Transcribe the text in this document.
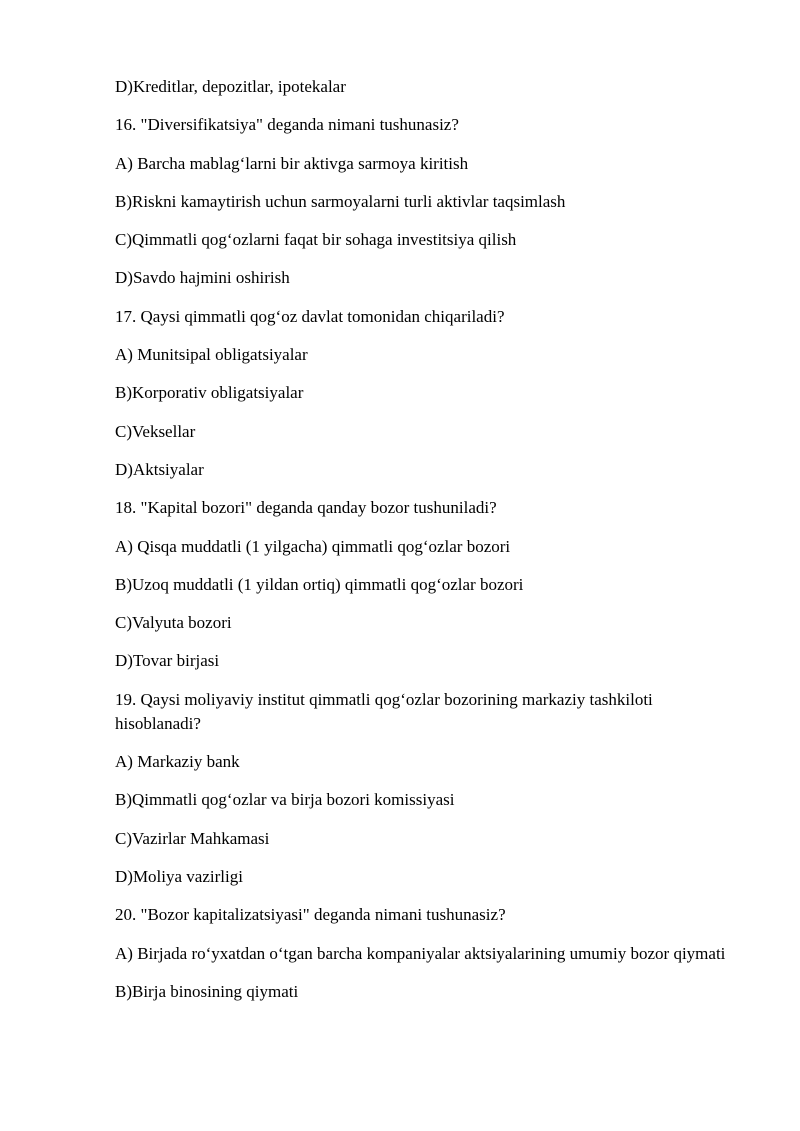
D)Kreditlar, depozitlar, ipotekalar

16. "Diversifikatsiya" deganda nimani tushunasiz?

A) Barcha mablag‘larni bir aktivga sarmoya kiritish

B)Riskni kamaytirish uchun sarmoyalarni turli aktivlar taqsimlash

C)Qimmatli qog‘ozlarni faqat bir sohaga investitsiya qilish

D)Savdo hajmini oshirish

17. Qaysi qimmatli qog‘oz davlat tomonidan chiqariladi?

A) Munitsipal obligatsiyalar

B)Korporativ obligatsiyalar

C)Veksellar

D)Aktsiyalar

18. "Kapital bozori" deganda qanday bozor tushuniladi?

A) Qisqa muddatli (1 yilgacha) qimmatli qog‘ozlar bozori

B)Uzoq muddatli (1 yildan ortiq) qimmatli qog‘ozlar bozori

C)Valyuta bozori

D)Tovar birjasi

19. Qaysi moliyaviy institut qimmatli qog‘ozlar bozorining markaziy tashkiloti hisoblanadi?

A) Markaziy bank

B)Qimmatli qog‘ozlar va birja bozori komissiyasi

C)Vazirlar Mahkamasi

D)Moliya vazirligi

20. "Bozor kapitalizatsiyasi" deganda nimani tushunasiz?

A) Birjada ro‘yxatdan o‘tgan barcha kompaniyalar aktsiyalarining umumiy bozor qiymati

B)Birja binosining qiymati
